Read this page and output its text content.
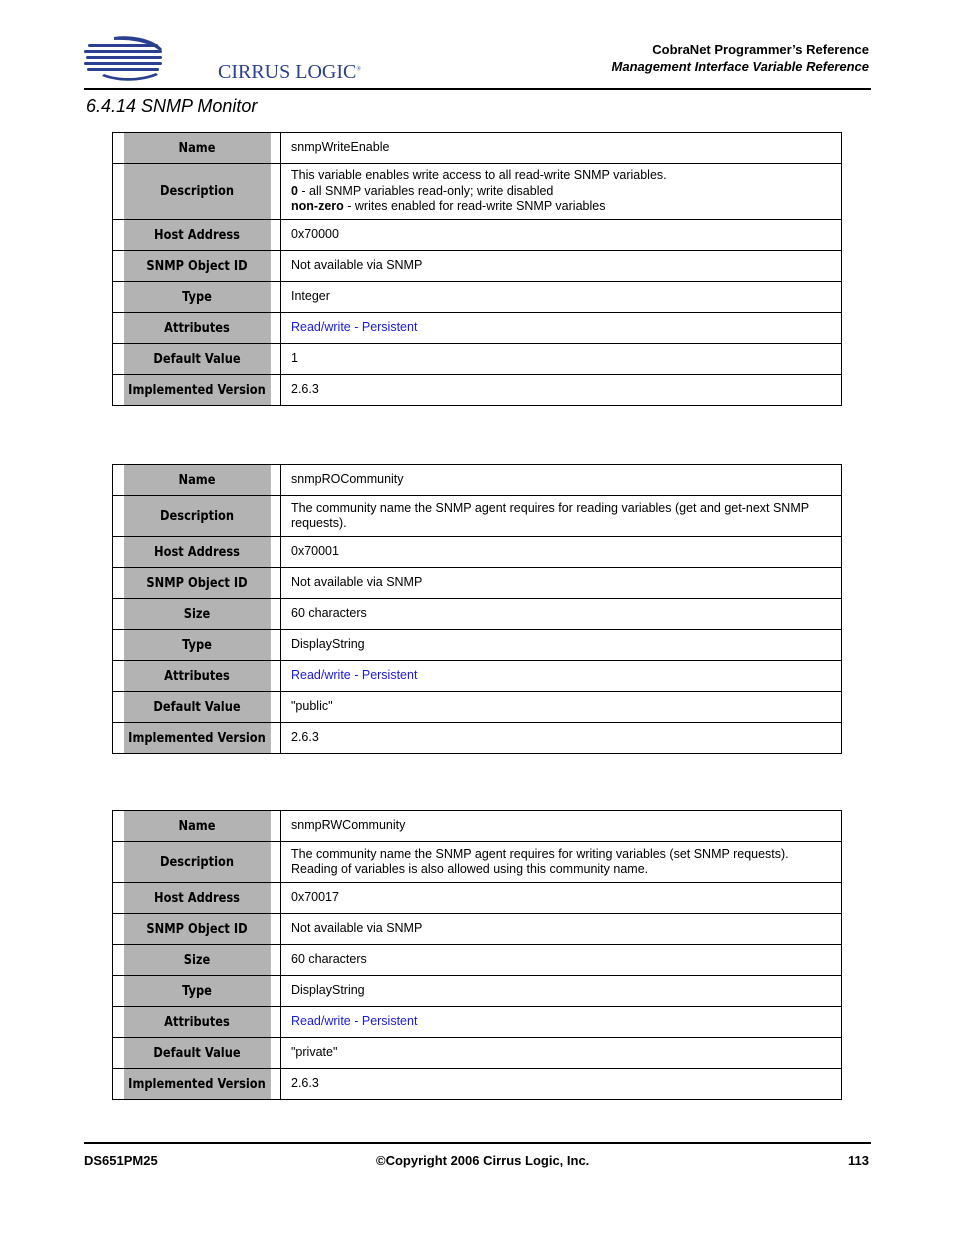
CIRRUS LOGIC®
CobraNet Programmer’s Reference
Management Interface Variable Reference
6.4.14 SNMP Monitor
Name	snmpWriteEnable
Description	This variable enables write access to all read-write SNMP variables.
0 - all SNMP variables read-only; write disabled
non-zero - writes enabled for read-write SNMP variables

Host Address	0x70000
SNMP Object ID	Not available via SNMP
Type	Integer
Attributes	Read/write - Persistent
Default Value	1
Implemented Version	2.6.3
Name	snmpROCommunity
Description	The community name the SNMP agent requires for reading variables (get and get-next SNMP requests).
Host Address	0x70001
SNMP Object ID	Not available via SNMP
Size	60 characters
Type	DisplayString
Attributes	Read/write - Persistent
Default Value	"public"
Implemented Version	2.6.3
Name	snmpRWCommunity
Description	The community name the SNMP agent requires for writing variables (set SNMP requests). Reading of variables is also allowed using this community name.
Host Address	0x70017
SNMP Object ID	Not available via SNMP
Size	60 characters
Type	DisplayString
Attributes	Read/write - Persistent
Default Value	"private"
Implemented Version	2.6.3
DS651PM25	©Copyright 2006 Cirrus Logic, Inc.	113
